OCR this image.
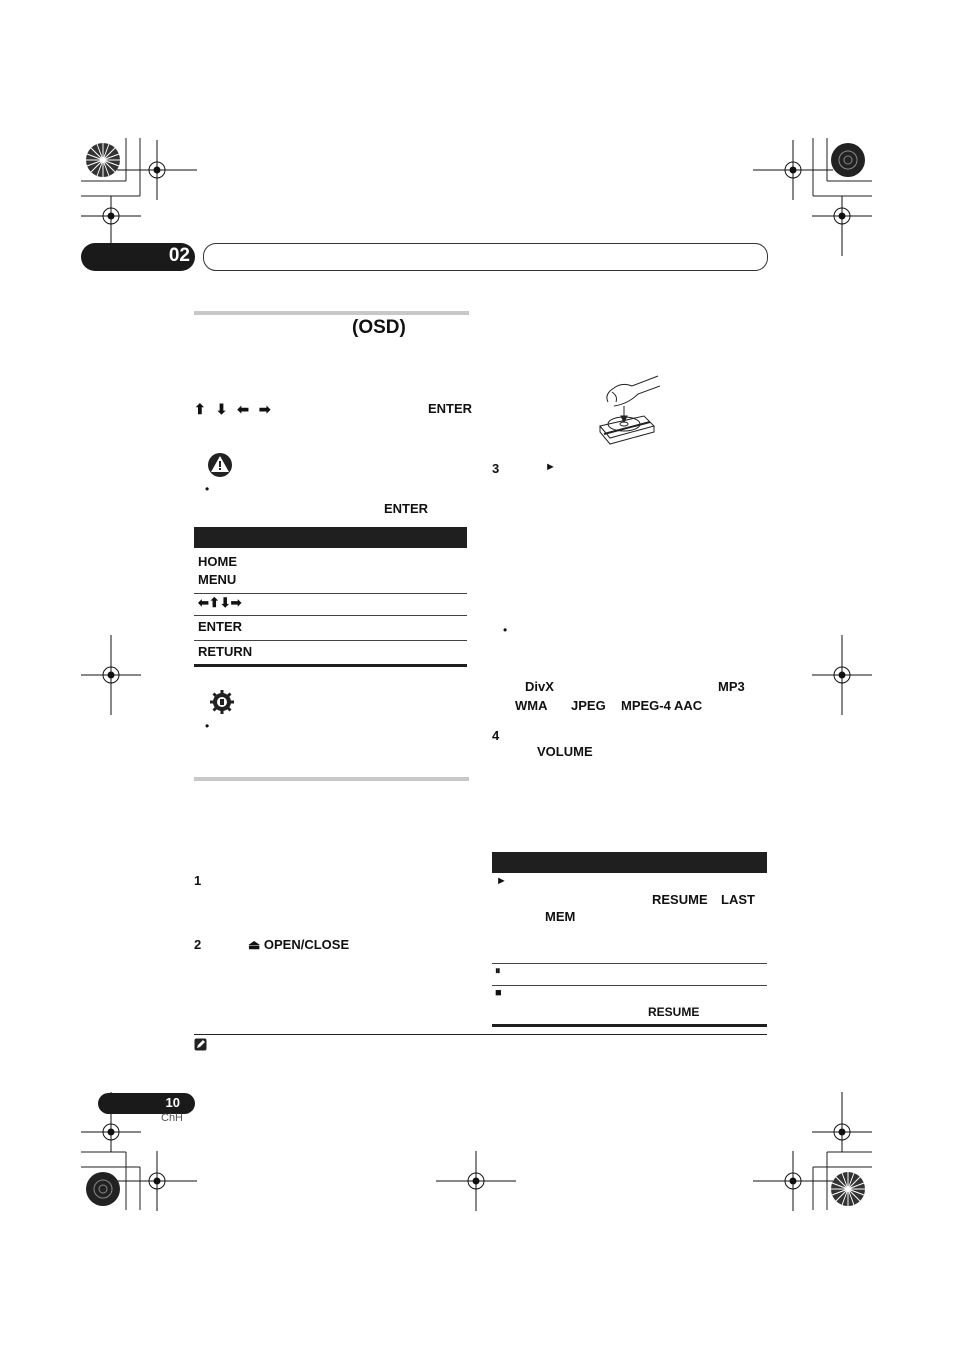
02
(OSD)
⬆ ⬇ ⬅ ➡	ENTER
•
ENTER
HOME
MENU
⬅⬆⬇➡
ENTER
RETURN
•
1
2	⏏ OPEN/CLOSE
3	►
•
DivX	MP3
WMA JPEG MPEG-4 AAC
4
VOLUME
►
RESUME LAST
MEM
⏸
■
RESUME
10
ChH
